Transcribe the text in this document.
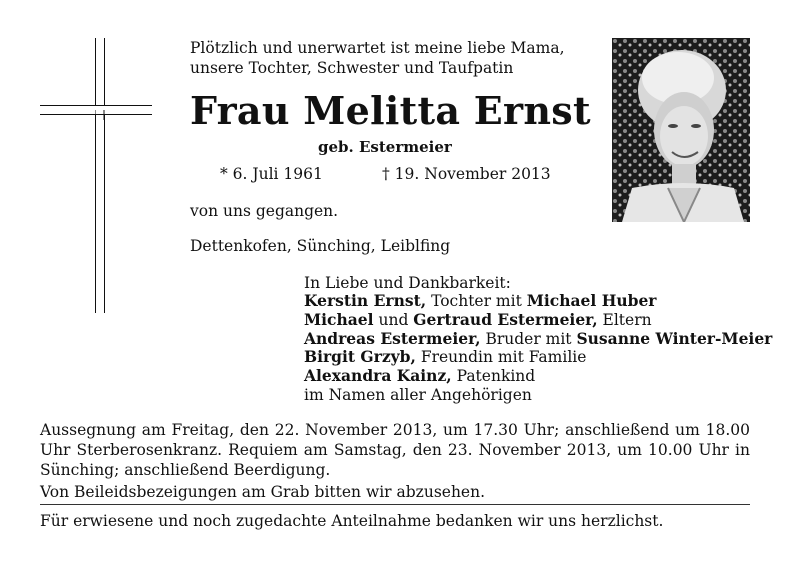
Plötzlich und unerwartet ist meine liebe Mama,
unsere Tochter, Schwester und Taufpatin
Frau Melitta Ernst
geb. Estermeier
* 6. Juli 1961	† 19. November 2013
von uns gegangen.
Dettenkofen, Sünching, Leiblfing
In Liebe und Dankbarkeit:
Kerstin Ernst, Tochter mit Michael Huber
Michael und Gertraud Estermeier, Eltern
Andreas Estermeier, Bruder mit Susanne Winter-Meier
Birgit Grzyb, Freundin mit Familie
Alexandra Kainz, Patenkind
im Namen aller Angehörigen
Aussegnung am Freitag, den 22. November 2013, um 17.30 Uhr; anschließend um 18.00 Uhr Sterberosenkranz. Requiem am Samstag, den 23. November 2013, um 10.00 Uhr in Sünching; anschließend Beerdigung.
Von Beileidsbezeigungen am Grab bitten wir abzusehen.
Für erwiesene und noch zugedachte Anteilnahme bedanken wir uns herzlichst.
